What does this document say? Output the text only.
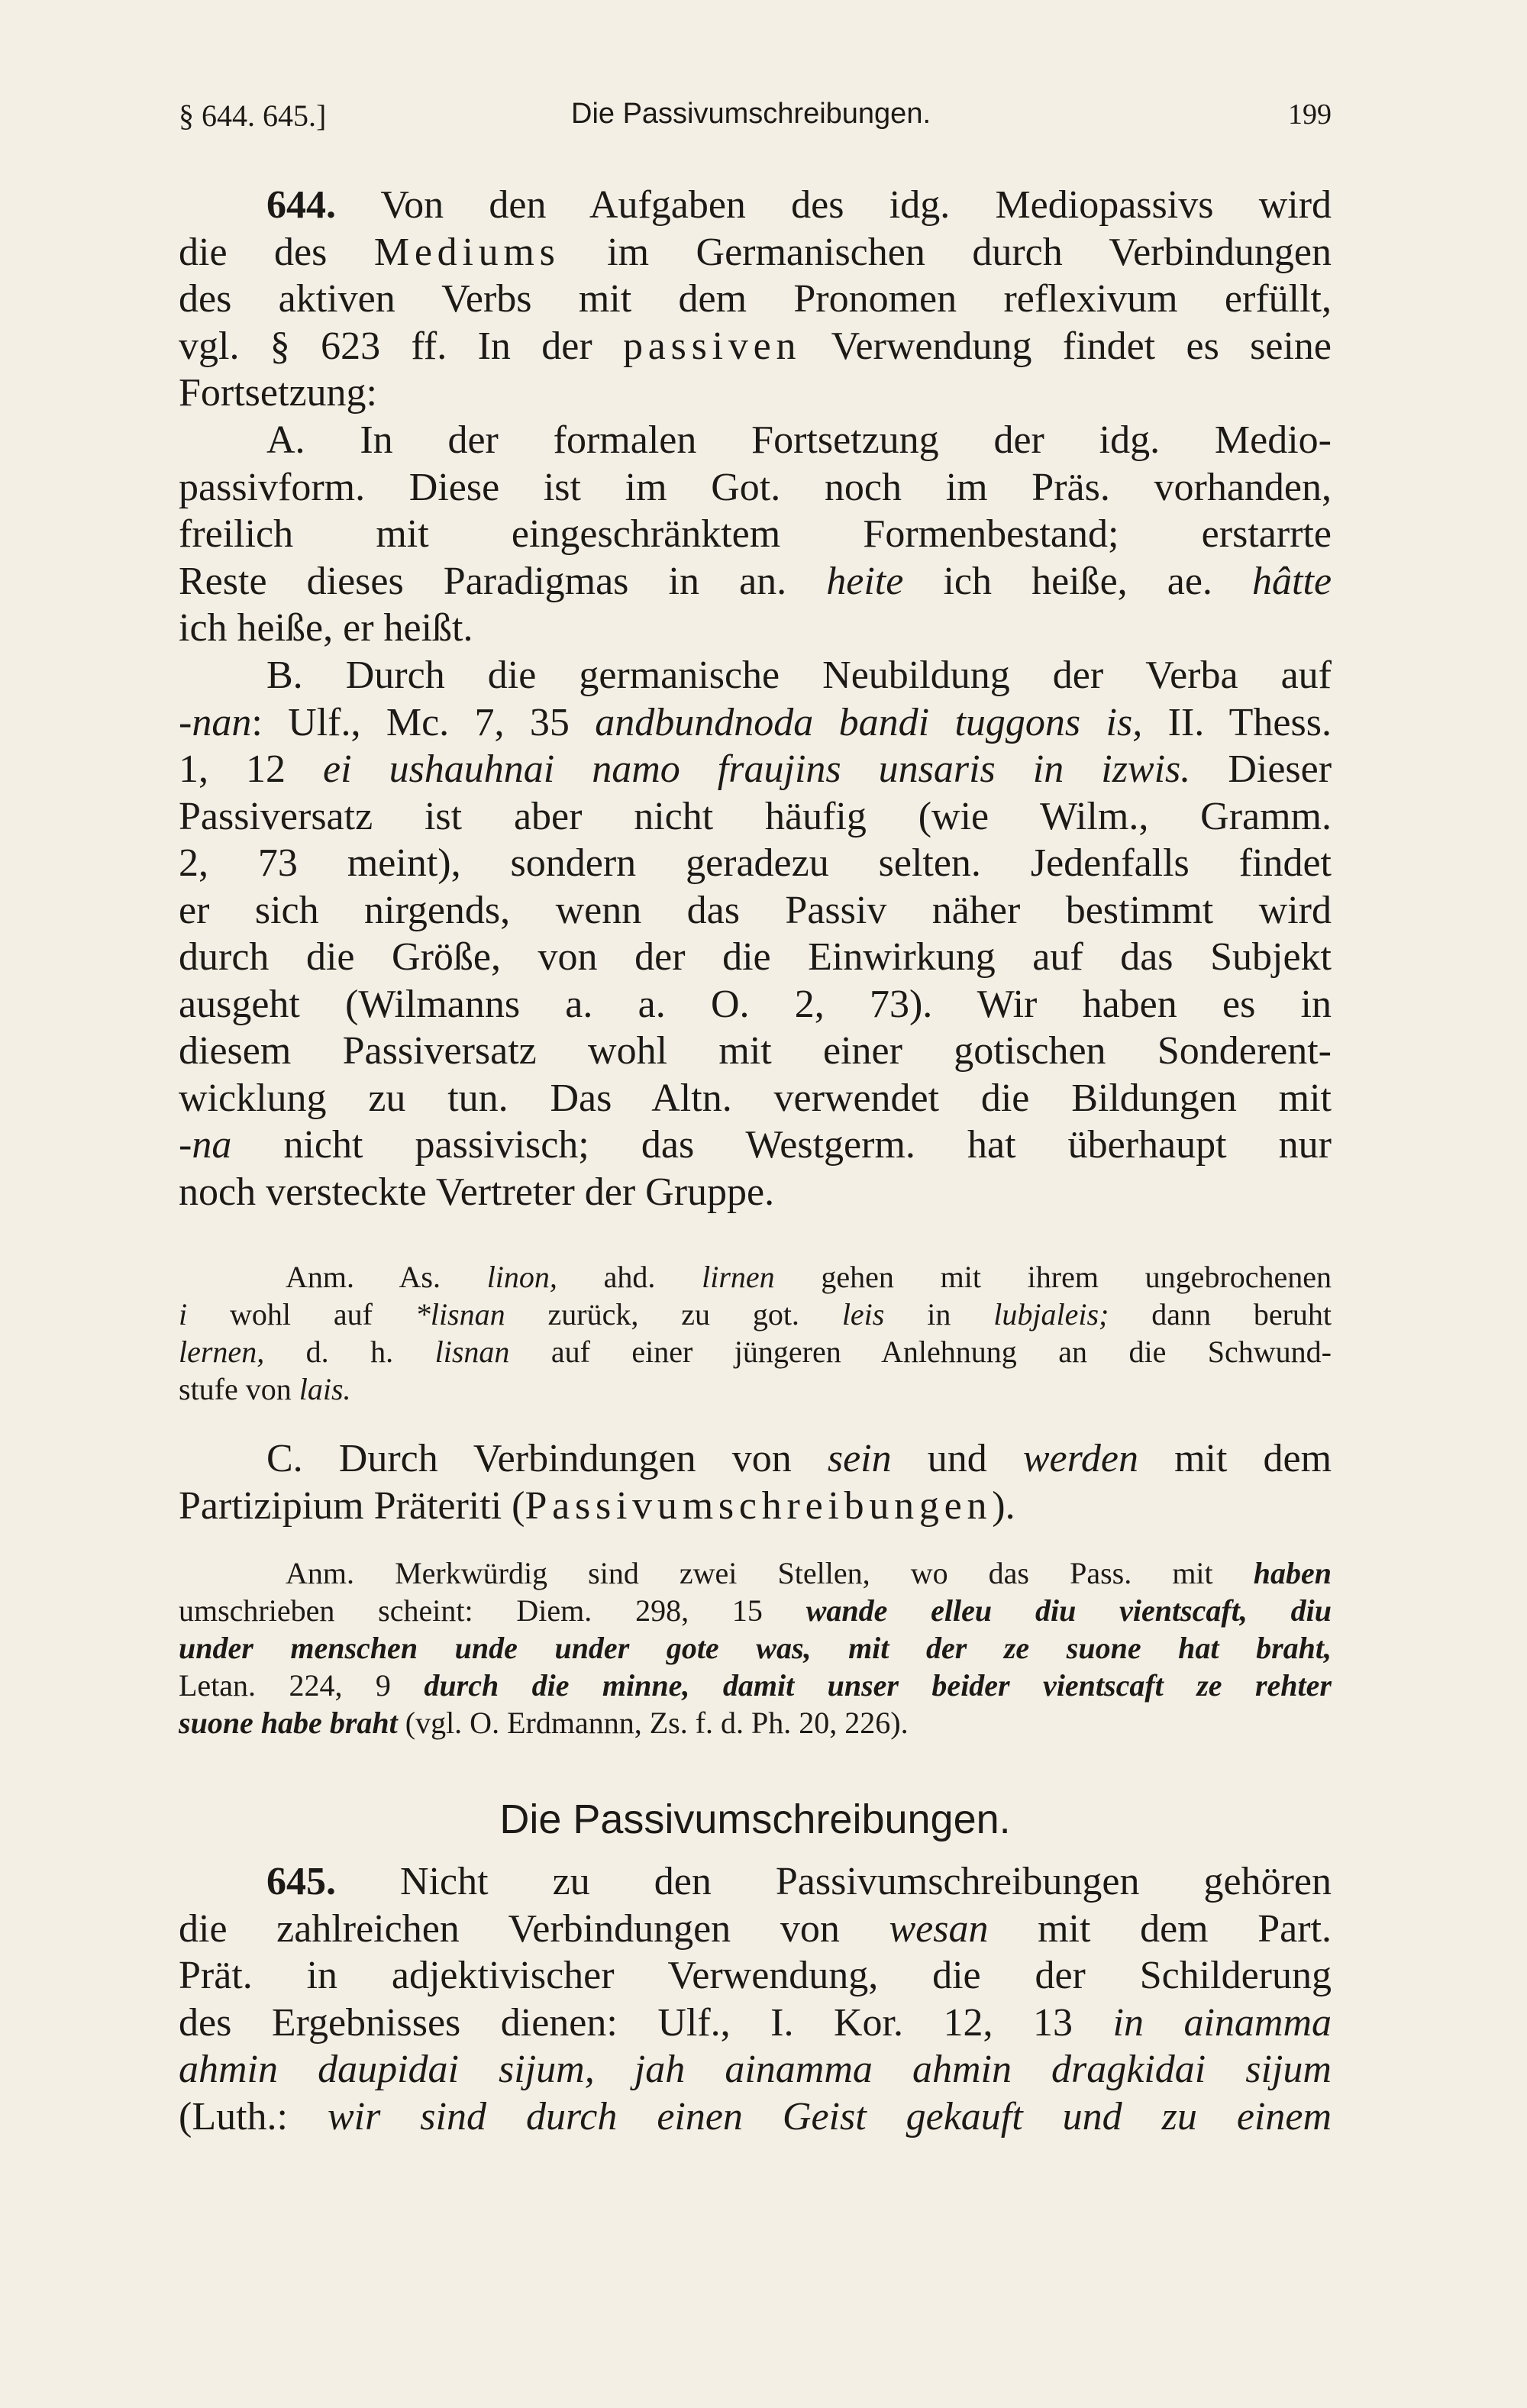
§ 644. 645.]	Die Passivumschreibungen.	199
644. Von den Aufgaben des idg. Mediopassivs wird
die des Mediums im Germanischen durch Verbindungen
des aktiven Verbs mit dem Pronomen reflexivum erfüllt,
vgl. § 623 ff. In der passiven Verwendung findet es seine
Fortsetzung:
A. In der formalen Fortsetzung der idg. Medio-
passivform. Diese ist im Got. noch im Präs. vorhanden,
freilich mit eingeschränktem Formenbestand; erstarrte
Reste dieses Paradigmas in an. heite ich heiße, ae. hâtte
ich heiße, er heißt.
B. Durch die germanische Neubildung der Verba auf
-nan: Ulf., Mc. 7, 35 andbundnoda bandi tuggons is, II. Thess.
1, 12 ei ushauhnai namo fraujins unsaris in izwis. Dieser
Passiversatz ist aber nicht häufig (wie Wilm., Gramm.
2, 73 meint), sondern geradezu selten. Jedenfalls findet
er sich nirgends, wenn das Passiv näher bestimmt wird
durch die Größe, von der die Einwirkung auf das Subjekt
ausgeht (Wilmanns a. a. O. 2, 73). Wir haben es in
diesem Passiversatz wohl mit einer gotischen Sonderent-
wicklung zu tun. Das Altn. verwendet die Bildungen mit
-na nicht passivisch; das Westgerm. hat überhaupt nur
noch versteckte Vertreter der Gruppe.
Anm. As. linon, ahd. lirnen gehen mit ihrem ungebrochenen
i wohl auf *lisnan zurück, zu got. leis in lubjaleis; dann beruht
lernen, d. h. lisnan auf einer jüngeren Anlehnung an die Schwund-
stufe von lais.
C. Durch Verbindungen von sein und werden mit dem
Partizipium Präteriti (Passivumschreibungen).
Anm. Merkwürdig sind zwei Stellen, wo das Pass. mit haben
umschrieben scheint: Diem. 298, 15 wande elleu diu vientscaft, diu
under menschen unde under gote was, mit der ze suone hat braht,
Letan. 224, 9 durch die minne, damit unser beider vientscaft ze rehter
suone habe braht (vgl. O. Erdmannn, Zs. f. d. Ph. 20, 226).
Die Passivumschreibungen.
645. Nicht zu den Passivumschreibungen gehören
die zahlreichen Verbindungen von wesan mit dem Part.
Prät. in adjektivischer Verwendung, die der Schilderung
des Ergebnisses dienen: Ulf., I. Kor. 12, 13 in ainamma
ahmin daupidai sijum, jah ainamma ahmin dragkidai sijum
(Luth.: wir sind durch einen Geist gekauft und zu einem
